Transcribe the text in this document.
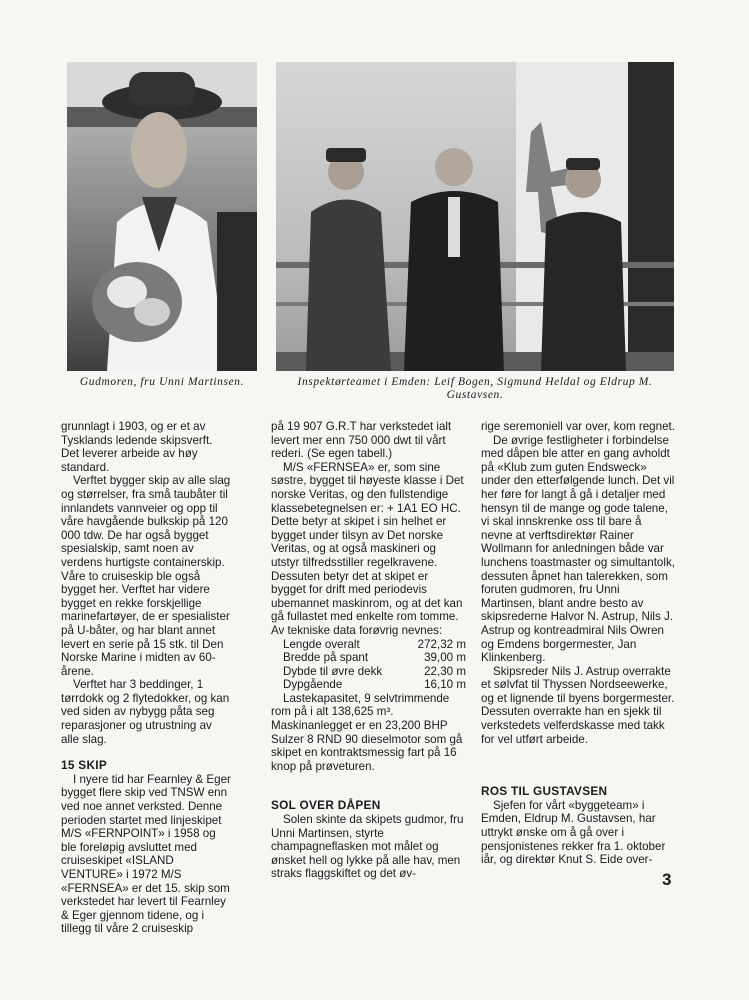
Gudmoren, fru Unni Martinsen.	Inspektørteamet i Emden: Leif Bogen, Sigmund Heldal og Eldrup M. Gustavsen.

grunnlagt i 1903, og er et av Tysklands ledende skipsverft. Det leverer arbeide av høy standard.

Verftet bygger skip av alle slag og størrelser, fra små taubåter til innlandets vannveier og opp til våre havgående bulkskip på 120 000 tdw. De har også bygget spesialskip, samt noen av verdens hurtigste containerskip. Våre to cruiseskip ble også bygget her. Verftet har videre bygget en rekke forskjellige marinefartøyer, de er spesialister på U-båter, og har blant annet levert en serie på 15 stk. til Den Norske Marine i midten av 60-årene.

Verftet har 3 beddinger, 1 tørrdokk og 2 flytedokker, og kan ved siden av nybygg påta seg reparasjoner og utrustning av alle slag.

15 SKIP

I nyere tid har Fearnley & Eger bygget flere skip ved TNSW enn ved noe annet verksted. Denne perioden startet med linjeskipet M/S «FERNPOINT» i 1958 og ble foreløpig avsluttet med cruiseskipet «ISLAND VENTURE» i 1972 M/S «FERNSEA» er det 15. skip som verkstedet har levert til Fearnley & Eger gjennom tidene, og i tillegg til våre 2 cruiseskip

på 19 907 G.R.T har verkstedet ialt levert mer enn 750 000 dwt til vårt rederi. (Se egen tabell.)

M/S «FERNSEA» er, som sine søstre, bygget til høyeste klasse i Det norske Veritas, og den fullstendige klassebetegnelsen er: + 1A1 EO HC. Dette betyr at skipet i sin helhet er bygget under tilsyn av Det norske Veritas, og at også maskineri og utstyr tilfredsstiller regelkravene. Dessuten betyr det at skipet er bygget for drift med periodevis ubemannet maskinrom, og at det kan gå fullastet med enkelte rom tomme. Av tekniske data forøvrig nevnes:

Lengde overalt	272,32 m
Bredde på spant	39,00 m
Dybde til øvre dekk	22,30 m
Dypgående	16,10 m

Lastekapasitet, 9 selvtrimmende rom på i alt 138,625 m³. Maskinanlegget er en 23,200 BHP Sulzer 8 RND 90 dieselmotor som gå skipet en kontraktsmessig fart på 16 knop på prøveturen.

SOL OVER DÅPEN

Solen skinte da skipets gudmor, fru Unni Martinsen, styrte champagneflasken mot målet og ønsket hell og lykke på alle hav, men straks flaggskiftet og det øv-

rige seremoniell var over, kom regnet.

De øvrige festligheter i forbindelse med dåpen ble atter en gang avholdt på «Klub zum guten Endsweck» under den etterfølgende lunch. Det vil her føre for langt å gå i detaljer med hensyn til de mange og gode talene, vi skal innskrenke oss til bare å nevne at verftsdirektør Rainer Wollmann for anledningen både var lunchens toastmaster og simultantolk, dessuten åpnet han talerekken, som foruten gudmoren, fru Unni Martinsen, blant andre besto av skipsrederne Halvor N. Astrup, Nils J. Astrup og kontreadmiral Nils Owren og Emdens borgermester, Jan Klinkenberg.

Skipsreder Nils J. Astrup overrakte et sølvfat til Thyssen Nordseewerke, og et lignende til byens borgermester. Dessuten overrakte han en sjekk til verkstedets velferdskasse med takk for vel utført arbeide.

ROS TIL GUSTAVSEN

Sjefen for vårt «byggeteam» i Emden, Eldrup M. Gustavsen, har uttrykt ønske om å gå over i pensjonistenes rekker fra 1. oktober iår, og direktør Knut S. Eide over-

3
